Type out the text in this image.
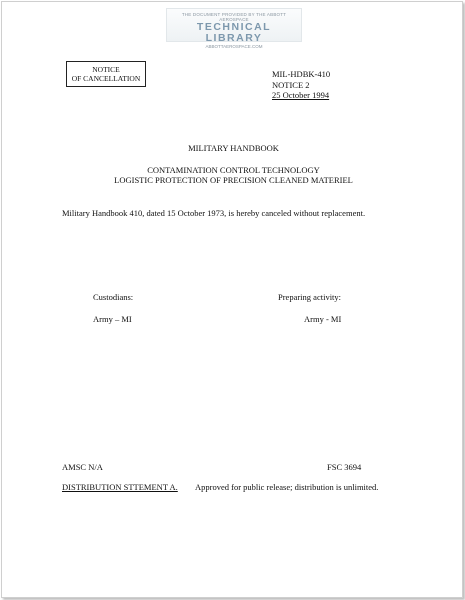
THE DOCUMENT PROVIDED BY THE ABBOTT AEROSPACE
TECHNICAL LIBRARY
ABBOTTAEROSPACE.COM
NOTICE
OF CANCELLATION	MIL-HDBK-410
NOTICE 2
25 October 1994
MILITARY HANDBOOK
CONTAMINATION CONTROL TECHNOLOGY
LOGISTIC PROTECTION OF PRECISION CLEANED MATERIEL
Military Handbook 410, dated 15 October 1973, is hereby canceled without replacement.
Custodians:
Army – MI
Preparing activity:
Army - MI
AMSC N/A	FSC 3694
DISTRIBUTION STTEMENT A. Approved for public release; distribution is unlimited.
